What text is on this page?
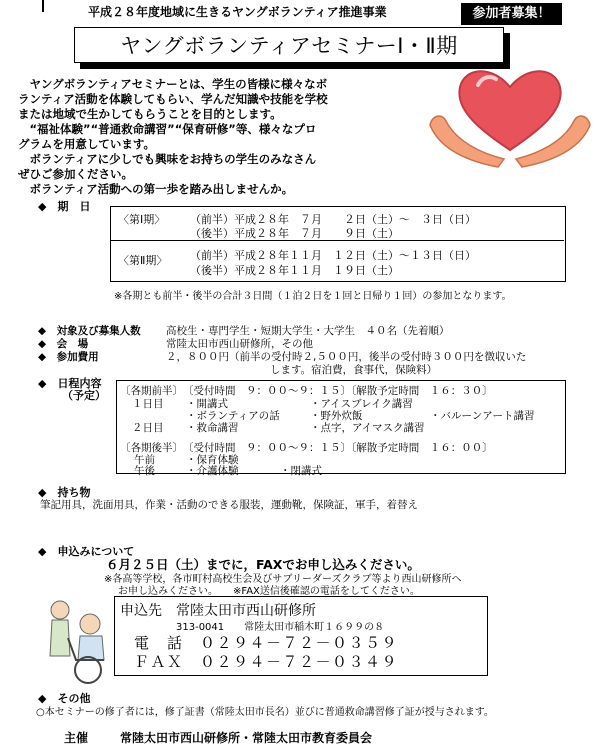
平成２８年度地域に生きるヤングボランティア推進事業	参加者募集！
ヤングボランティアセミナーⅠ・Ⅱ期

　ヤングボランティアセミナーとは、学生の皆様に様々なボ

ランティア活動を体験してもらい、学んだ知識や技能を学校

または地域で生かしてもらうことを目的とします。

　“福祉体験”“普通救命講習”“保育研修”等、様々なプロ

グラムを用意しています。

　ボランティアに少しでも興味をお持ちの学生のみなさん

ぜひご参加ください。

　ボランティア活動への第一歩を踏み出しませんか。

◆　期　日
〈第Ⅰ期〉 （前半）平成２８年　７月　　２日（土）～　３日（日）
（後半）平成２８年　７月　　９日（土）
〈第Ⅱ期〉 （前半）平成２８年１１月　１２日（土）～１３日（日）
（後半）平成２８年１１月　１９日（土）
※各期とも前半・後半の合計３日間（１泊２日を１回と日帰り１回）の参加となります。
◆　対象及び募集人数 高校生・専門学生・短期大学生・大学生　４０名（先着順）
◆　会　場	常陸太田市西山研修所，その他
◆　参加費用	２，８００円（前半の受付時２,５００円，後半の受付時３００円を徴収いた
します。宿泊費，食事代，保険料）
◆　日程内容
（予定） 〔各期前半〕　〔受付時間　９：００～９：１５〕〔解散予定時間　１６：３０〕
１日目 ・開講式	・アイスブレイク講習
・ボランティアの話	・野外炊飯	・バルーンアート講習
２日目 ・救命講習	・点字，アイマスク講習
〔各期後半〕　〔受付時間　９：００～９：１５〕〔解散予定時間　１６：００〕
午前	・保育体験
午後	・介護体験	・閉講式
◆　持ち物
筆記用具，洗面用具，作業・活動のできる服装，運動靴，保険証，軍手，着替え
◆　申込みについて
６月２５日（土）までに，FAXでお申し込みください。
※各高等学校，各市町村高校生会及びサブリーダーズクラブ等より西山研修所へ
お申し込みください。　　※FAX送信後確認の電話をしてください。
申込先　常陸太田市西山研修所
313-0041　　常陸太田市稲木町１６９９の８
電　話 ０２９４－７２－０３５９
ＦＡＸ ０２９４－７２－０３４９
◆　その他
○本セミナーの修了者には，修了証書（常陸太田市長名）並びに普通救命講習修了証が授与されます。
主催	常陸太田市西山研修所・常陸太田市教育委員会
